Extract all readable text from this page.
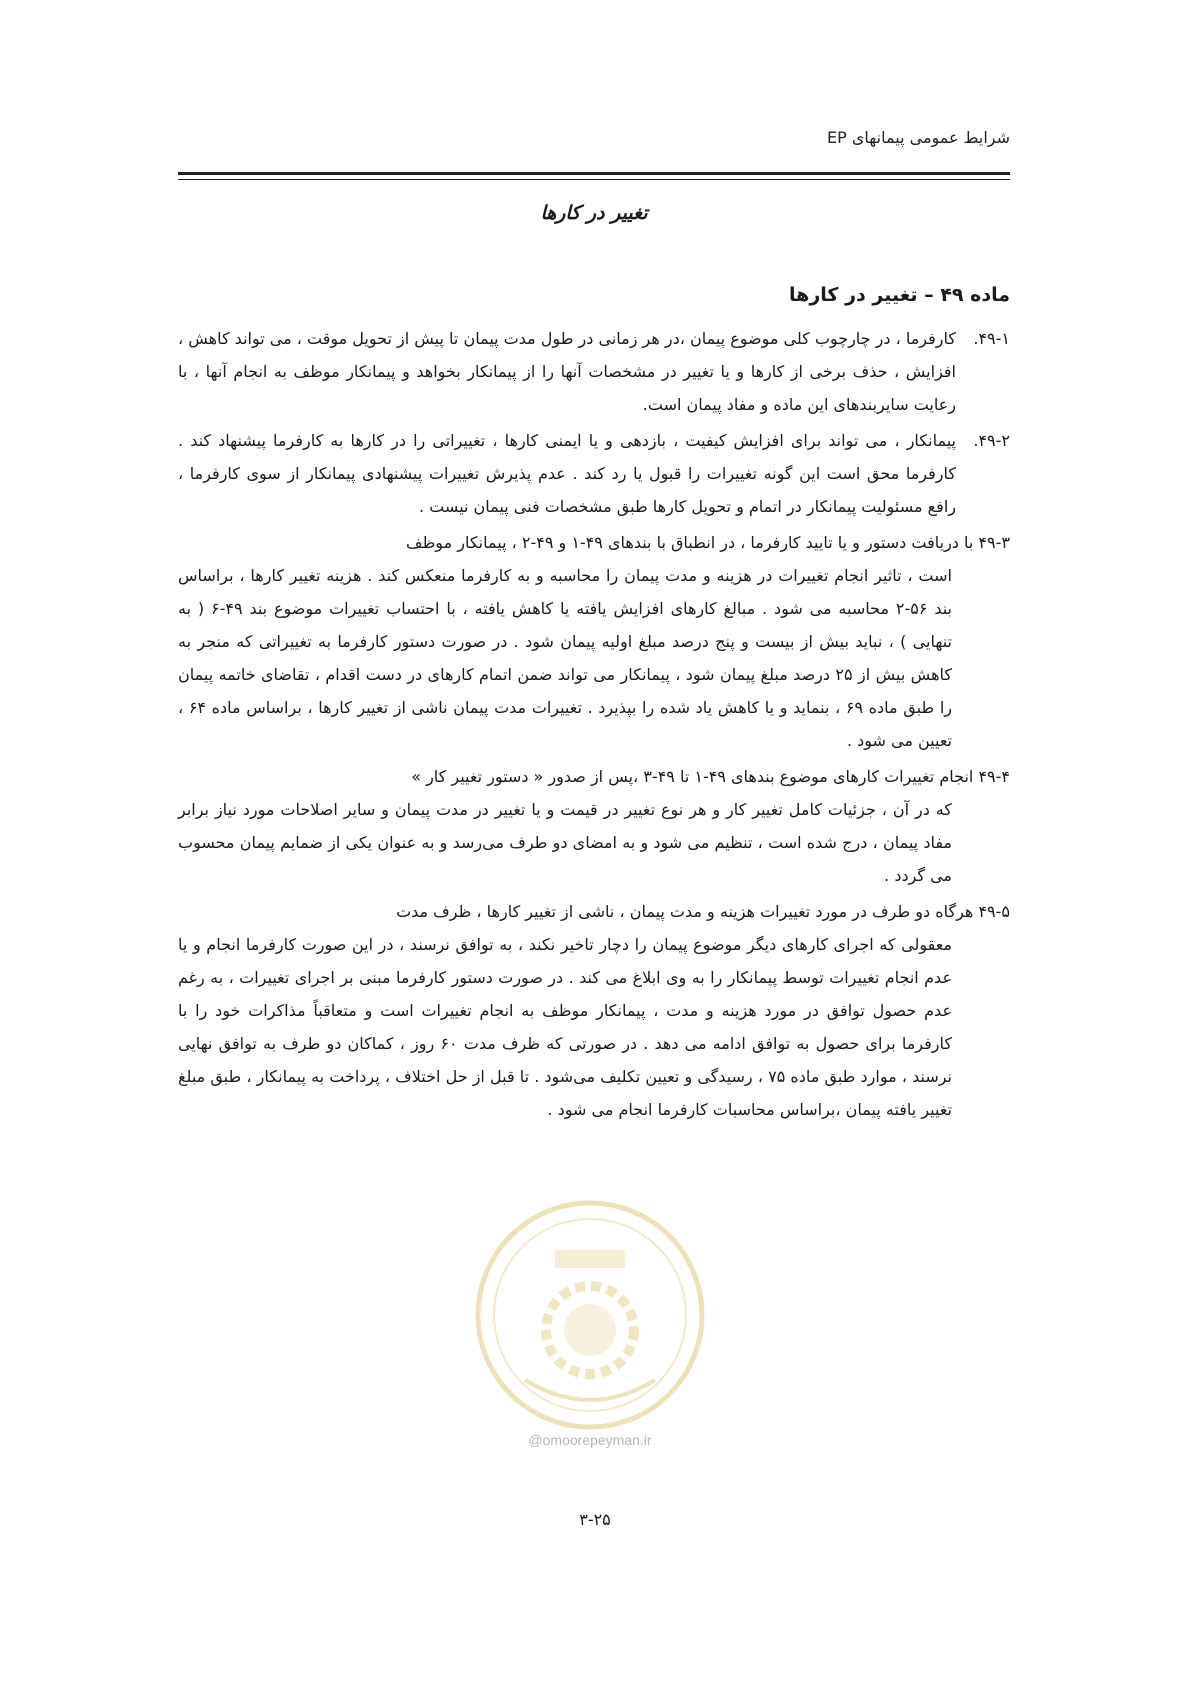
شرایط عمومی پیمانهای EP
تغییر در کارها
ماده ۴۹ – تغییر در کارها
۴۹-۱.
کارفرما ، در چارچوب کلی موضوع پیمان ،در هر زمانی در طول مدت پیمان تا پیش از تحویل موقت ، می تواند کاهش ، افزایش ، حذف برخی از کارها و یا تغییر در مشخصات آنها را از پیمانکار بخواهد و پیمانکار موظف به انجام آنها ، با رعایت سایربندهای این ماده و مفاد پیمان است.
۴۹-۲.
پیمانکار ، می تواند برای افزایش کیفیت ، بازدهی و یا ایمنی کارها ، تغییراتی را در کارها به کارفرما پیشنهاد کند . کارفرما محق است این گونه تغییرات را قبول یا رد کند . عدم پذیرش تغییرات پیشنهادی پیمانکار از سوی کارفرما ، رافع مسئولیت پیمانکار در اتمام و تحویل کارها طبق مشخصات فنی پیمان نیست .
۴۹-۳ با دریافت دستور و یا تایید کارفرما ، در انطباق با بندهای ۴۹-۱ و ۴۹-۲ ، پیمانکار موظف
است ، تاثیر انجام تغییرات در هزینه و مدت پیمان را محاسبه و به کارفرما منعکس کند . هزینه تغییر کارها ، براساس بند ۵۶-۲ محاسبه می شود . مبالغ کارهای افزایش یافته یا کاهش یافته ، با احتساب تغییرات موضوع بند ۴۹-۶ ( به تنهایی ) ، نباید بیش از بیست و پنج درصد مبلغ اولیه پیمان شود . در صورت دستور کارفرما به تغییراتی که منجر به کاهش بیش از ۲۵ درصد مبلغ پیمان شود ، پیمانکار می تواند ضمن اتمام کارهای در دست اقدام ، تقاضای خاتمه پیمان را طبق ماده ۶۹ ، بنماید و یا کاهش یاد شده را بپذیرد . تغییرات مدت پیمان ناشی از تغییر کارها ، براساس ماده ۶۴ ، تعیین می شود .
۴۹-۴ انجام تغییرات کارهای موضوع بندهای ۴۹-۱ تا ۴۹-۳ ،پس از صدور « دستور تغییر کار »
که در آن ، جزئیات کامل تغییر کار و هر نوع تغییر در قیمت و یا تغییر در مدت پیمان و سایر اصلاحات مورد نیاز برابر مفاد پیمان ، درج شده است ، تنظیم می شود و به امضای دو طرف می‌رسد و به عنوان یکی از ضمایم پیمان محسوب می گردد .
۴۹-۵ هرگاه دو طرف در مورد تغییرات هزینه و مدت پیمان ، ناشی از تغییر کارها ، ظرف مدت
معقولی که اجرای کارهای دیگر موضوع پیمان را دچار تاخیر نکند ، به توافق نرسند ، در این صورت کارفرما انجام و یا عدم انجام تغییرات توسط پیمانکار را به وی ابلاغ می کند . در صورت دستور کارفرما مبنی بر اجرای تغییرات ، به رغم عدم حصول توافق در مورد هزینه و مدت ، پیمانکار موظف به انجام تغییرات است و متعاقباً مذاکرات خود را با کارفرما برای حصول به توافق ادامه می دهد . در صورتی که ظرف مدت ۶۰ روز ، کماکان دو طرف به توافق نهایی نرسند ، موارد طبق ماده ۷۵ ، رسیدگی و تعیین تکلیف می‌شود . تا قبل از حل اختلاف ، پرداخت به پیمانکار ، طبق مبلغ تغییر یافته پیمان ،براساس محاسبات کارفرما انجام می شود .
@omoorepeyman.ir
۳-۲۵
